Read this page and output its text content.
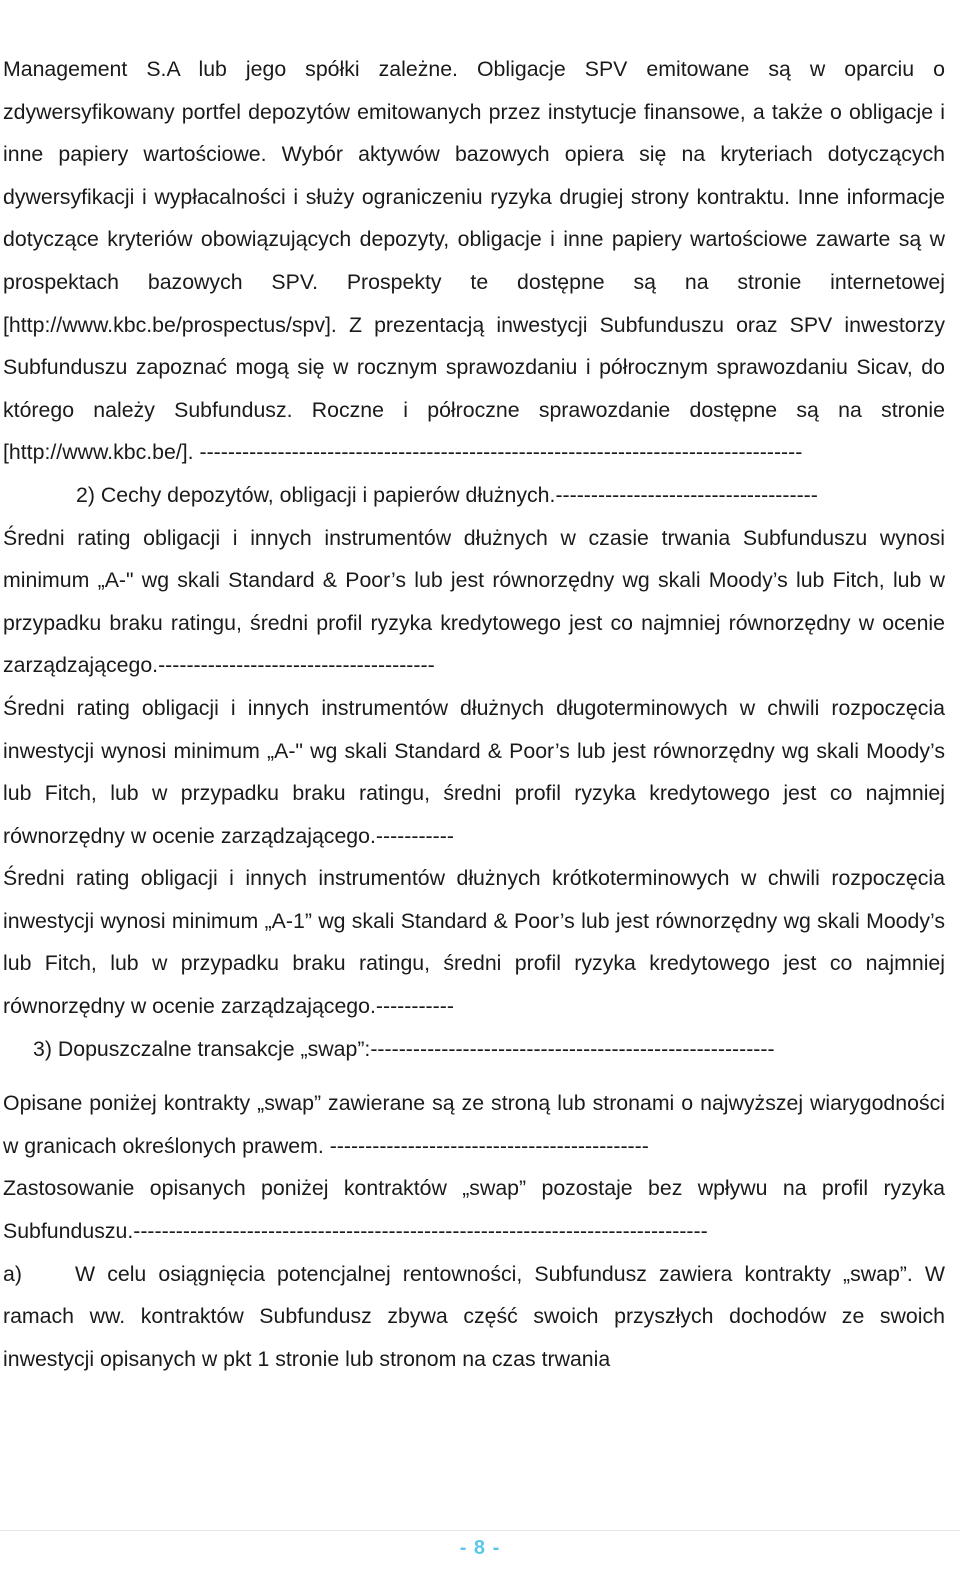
Management S.A lub jego spółki zależne. Obligacje SPV emitowane są w oparciu o zdywersyfikowany portfel depozytów emitowanych przez instytucje finansowe, a także o obligacje i inne papiery wartościowe. Wybór aktywów bazowych opiera się na kryteriach dotyczących dywersyfikacji i wypłacalności i służy ograniczeniu ryzyka drugiej strony kontraktu. Inne informacje dotyczące kryteriów obowiązujących depozyty, obligacje i inne papiery wartościowe zawarte są w prospektach bazowych SPV. Prospekty te dostępne są na stronie internetowej [http://www.kbc.be/prospectus/spv]. Z prezentacją inwestycji Subfunduszu oraz SPV inwestorzy Subfunduszu zapoznać mogą się w rocznym sprawozdaniu i półrocznym sprawozdaniu Sicav, do którego należy Subfundusz. Roczne i półroczne sprawozdanie dostępne są na stronie [http://www.kbc.be/]. -------------------------------------------------------------------------------------

2) Cechy depozytów, obligacji i papierów dłużnych.-------------------------------------

Średni rating obligacji i innych instrumentów dłużnych w czasie trwania Subfunduszu wynosi minimum „A-" wg skali Standard & Poor’s lub jest równorzędny wg skali Moody’s lub Fitch, lub w przypadku braku ratingu, średni profil ryzyka kredytowego jest co najmniej równorzędny w ocenie zarządzającego.---------------------------------------

Średni rating obligacji i innych instrumentów dłużnych długoterminowych w chwili rozpoczęcia inwestycji wynosi minimum „A-" wg skali Standard & Poor’s lub jest równorzędny wg skali Moody’s lub Fitch, lub w przypadku braku ratingu, średni profil ryzyka kredytowego jest co najmniej równorzędny w ocenie zarządzającego.-----------

Średni rating obligacji i innych instrumentów dłużnych krótkoterminowych w chwili rozpoczęcia inwestycji wynosi minimum „A-1” wg skali Standard & Poor’s lub jest równorzędny wg skali Moody’s lub Fitch, lub w przypadku braku ratingu, średni profil ryzyka kredytowego jest co najmniej równorzędny w ocenie zarządzającego.-----------

3) Dopuszczalne transakcje „swap”:---------------------------------------------------------

Opisane poniżej kontrakty „swap” zawierane są ze stroną lub stronami o najwyższej wiarygodności w granicach określonych prawem. ---------------------------------------------

Zastosowanie opisanych poniżej kontraktów „swap” pozostaje bez wpływu na profil ryzyka Subfunduszu.---------------------------------------------------------------------------------

a) W celu osiągnięcia potencjalnej rentowności, Subfundusz zawiera kontrakty „swap”. W ramach ww. kontraktów Subfundusz zbywa część swoich przyszłych dochodów ze swoich inwestycji opisanych w pkt 1 stronie lub stronom na czas trwania

- 8 -
